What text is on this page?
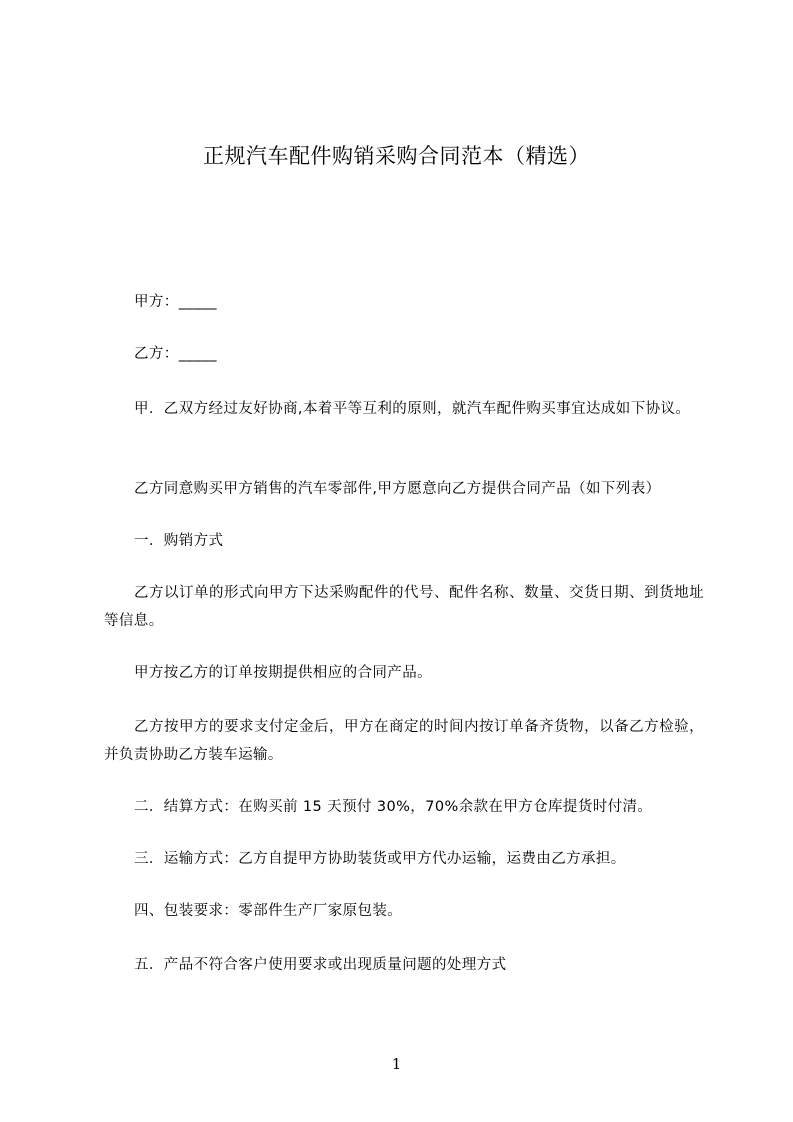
正规汽车配件购销采购合同范本（精选）

甲方：_____

乙方：_____

甲．乙双方经过友好协商,本着平等互利的原则，就汽车配件购买事宜达成如下协议。

乙方同意购买甲方销售的汽车零部件,甲方愿意向乙方提供合同产品（如下列表）

一．购销方式

乙方以订单的形式向甲方下达采购配件的代号、配件名称、数量、交货日期、到货地址等信息。

甲方按乙方的订单按期提供相应的合同产品。

乙方按甲方的要求支付定金后，甲方在商定的时间内按订单备齐货物，以备乙方检验，并负责协助乙方装车运输。

二．结算方式：在购买前 15 天预付 30%，70%余款在甲方仓库提货时付清。

三．运输方式：乙方自提甲方协助装货或甲方代办运输，运费由乙方承担。

四、包装要求：零部件生产厂家原包装。

五．产品不符合客户使用要求或出现质量问题的处理方式

1
